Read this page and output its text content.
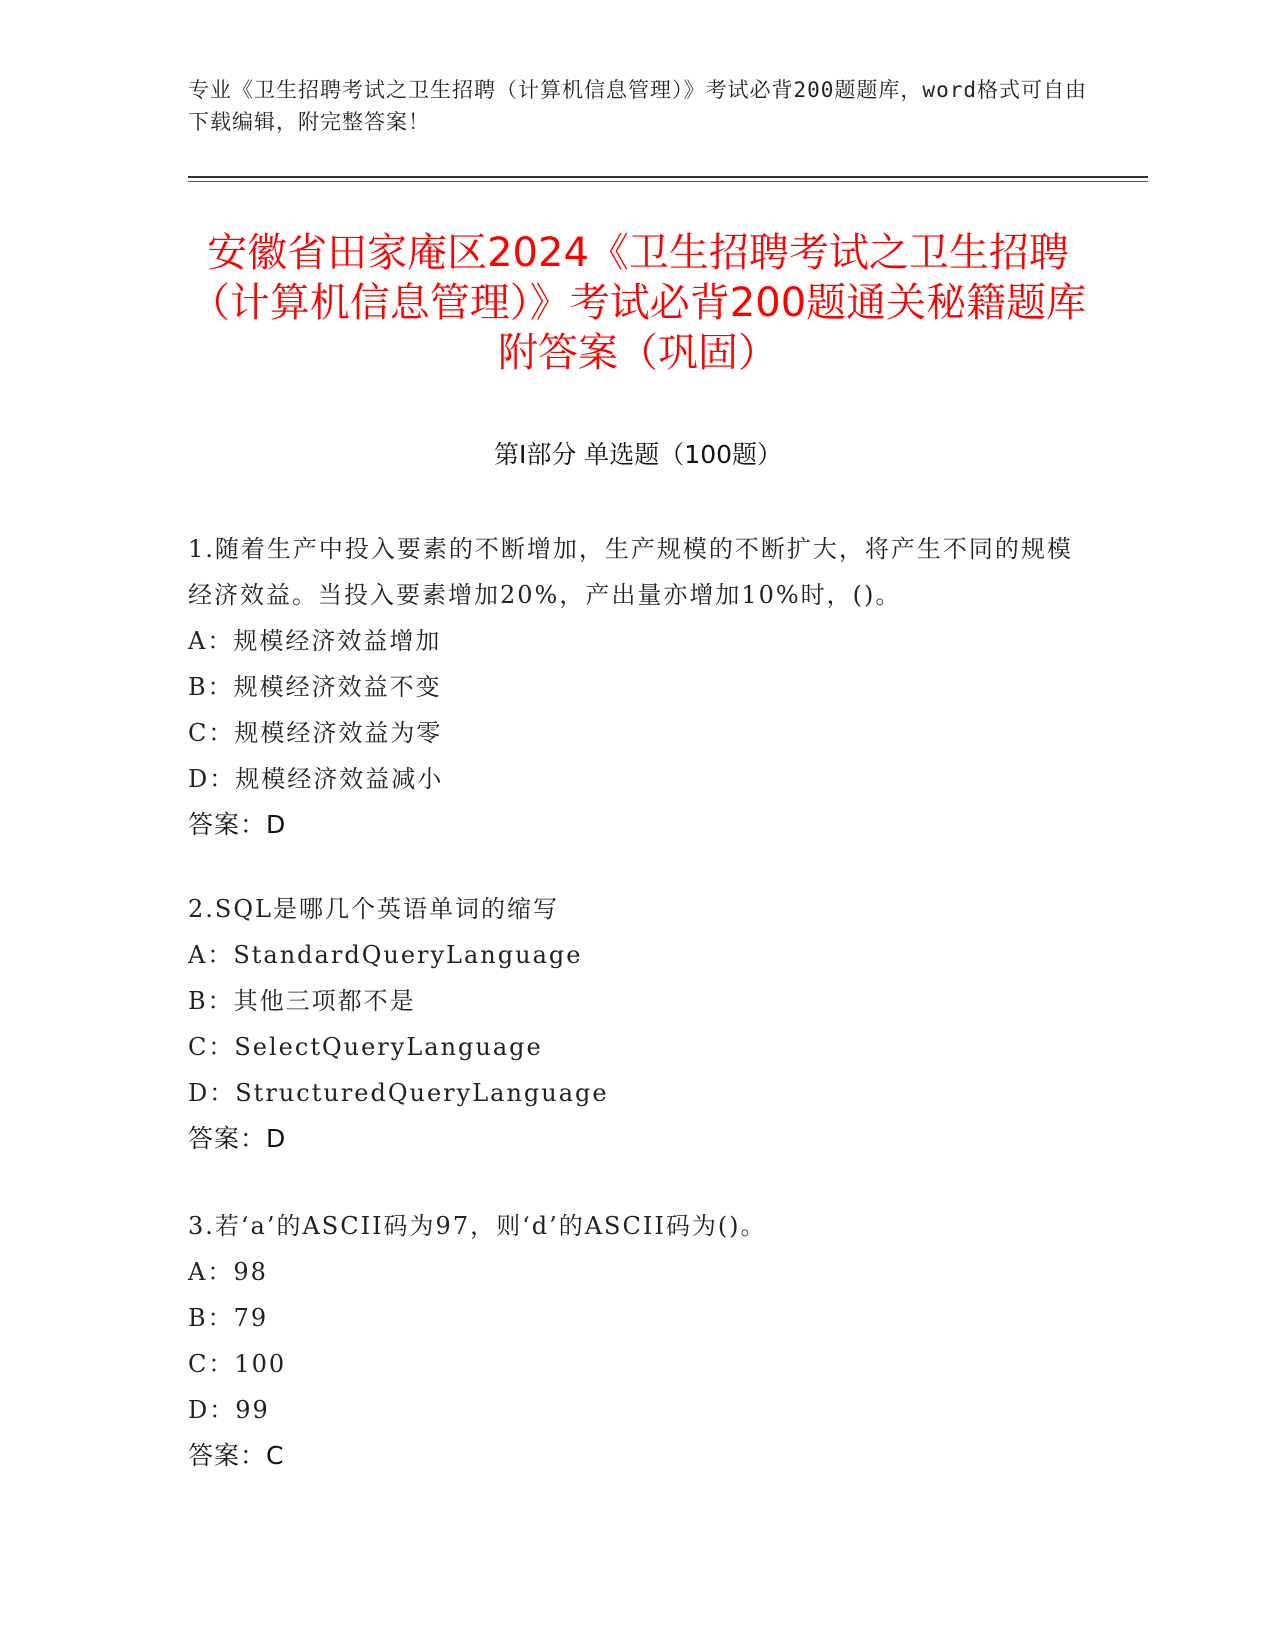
专业《卫生招聘考试之卫生招聘（计算机信息管理）》考试必背200题题库，word格式可自由下载编辑，附完整答案！
安徽省田家庵区2024《卫生招聘考试之卫生招聘（计算机信息管理）》考试必背200题通关秘籍题库附答案（巩固）
第Ⅰ部分 单选题（100题）
1.随着生产中投入要素的不断增加，生产规模的不断扩大，将产生不同的规模经济效益。当投入要素增加20%，产出量亦增加10%时，()。
A：规模经济效益增加
B：规模经济效益不变
C：规模经济效益为零
D：规模经济效益减小
答案：D
2.SQL是哪几个英语单词的缩写
A：StandardQueryLanguage
B：其他三项都不是
C：SelectQueryLanguage
D：StructuredQueryLanguage
答案：D
3.若‘a’的ASCII码为97，则‘d’的ASCII码为()。
A：98
B：79
C：100
D：99
答案：C
